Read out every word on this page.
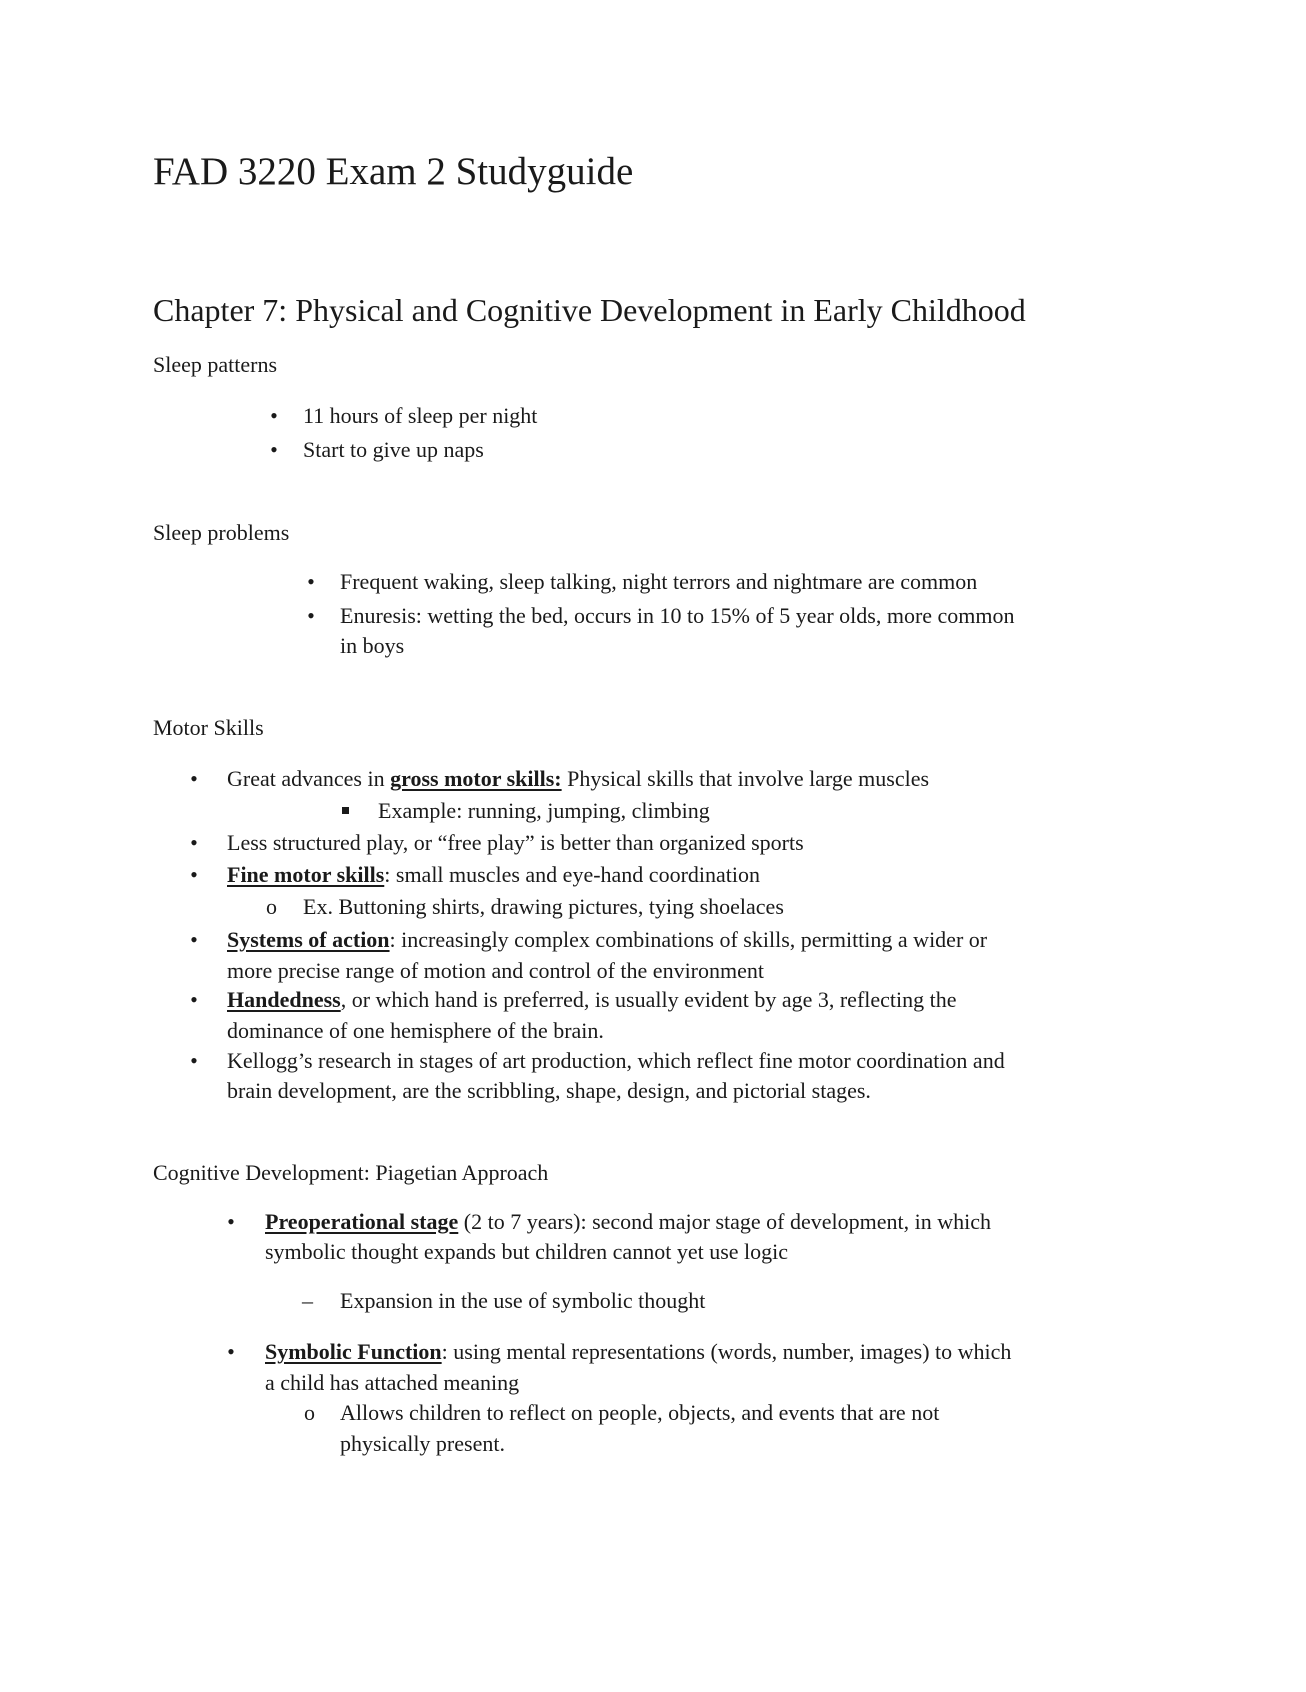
FAD 3220 Exam 2 Studyguide
Chapter 7: Physical and Cognitive Development in Early Childhood
Sleep patterns
• 11 hours of sleep per night
• Start to give up naps
Sleep problems
• Frequent waking, sleep talking, night terrors and nightmare are common
• Enuresis: wetting the bed, occurs in 10 to 15% of 5 year olds, more common
in boys
Motor Skills
• Great advances in gross motor skills: Physical skills that involve large muscles
Example: running, jumping, climbing
• Less structured play, or “free play” is better than organized sports
• Fine motor skills: small muscles and eye-hand coordination
o Ex. Buttoning shirts, drawing pictures, tying shoelaces
• Systems of action: increasingly complex combinations of skills, permitting a wider or
more precise range of motion and control of the environment
• Handedness, or which hand is preferred, is usually evident by age 3, reflecting the
dominance of one hemisphere of the brain.
• Kellogg’s research in stages of art production, which reflect fine motor coordination and
brain development, are the scribbling, shape, design, and pictorial stages.
Cognitive Development: Piagetian Approach
• Preoperational stage (2 to 7 years): second major stage of development, in which
symbolic thought expands but children cannot yet use logic
– Expansion in the use of symbolic thought
• Symbolic Function: using mental representations (words, number, images) to which
a child has attached meaning
o Allows children to reflect on people, objects, and events that are not
physically present.
